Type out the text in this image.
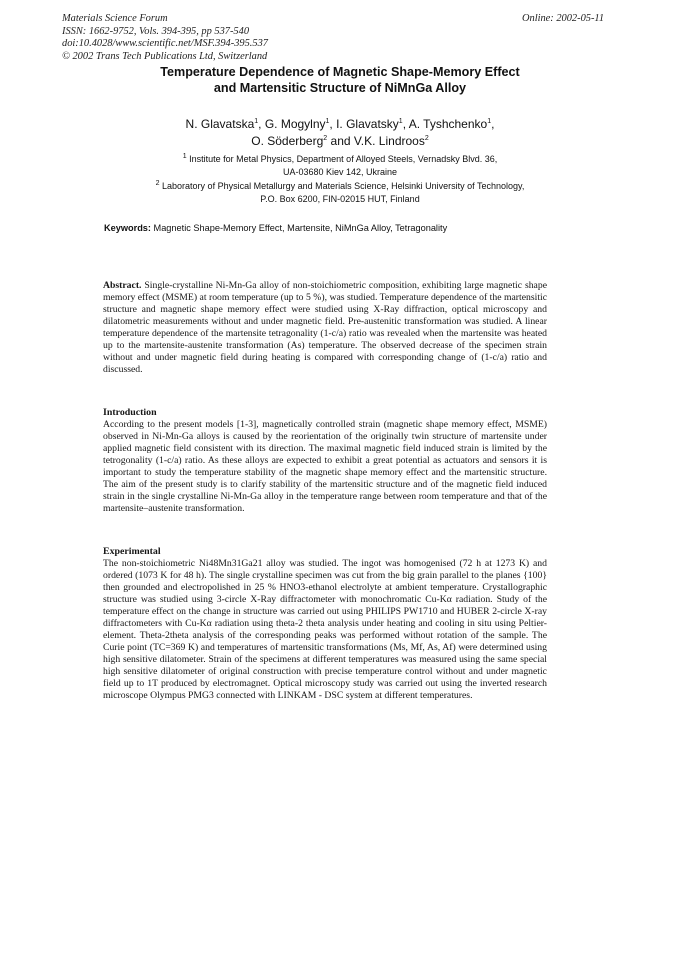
Materials Science Forum
ISSN: 1662-9752, Vols. 394-395, pp 537-540
doi:10.4028/www.scientific.net/MSF.394-395.537
© 2002 Trans Tech Publications Ltd, Switzerland
Online: 2002-05-11
Temperature Dependence of Magnetic Shape-Memory Effect
and Martensitic Structure of NiMnGa Alloy
N. Glavatska$^1$, G. Mogylny$^1$, I. Glavatsky$^1$, A. Tyshchenko$^1$,
O. Söderberg$^2$ and V.K. Lindroos$^2$
$^1$ Institute for Metal Physics, Department of Alloyed Steels, Vernadsky Blvd. 36,
UA-03680 Kiev 142, Ukraine
$^2$ Laboratory of Physical Metallurgy and Materials Science, Helsinki University of Technology,
P.O. Box 6200, FIN-02015 HUT, Finland
Keywords: Magnetic Shape-Memory Effect, Martensite, NiMnGa Alloy, Tetragonality

Abstract. Single-crystalline Ni-Mn-Ga alloy of non-stoichiometric composition, exhibiting large magnetic shape memory effect (MSME) at room temperature (up to 5 %), was studied. Temperature dependence of the martensitic structure and magnetic shape memory effect were studied using X-Ray diffraction, optical microscopy and dilatometric measurements without and under magnetic field. Pre-austenitic transformation was studied. A linear temperature dependence of the martensite tetragonality (1-c/a) ratio was revealed when the martensite was heated up to the martensite-austenite transformation (As) temperature. The observed decrease of the specimen strain without and under magnetic field during heating is compared with corresponding change of (1-c/a) ratio and discussed.

Introduction

According to the present models [1-3], magnetically controlled strain (magnetic shape memory effect, MSME) observed in Ni-Mn-Ga alloys is caused by the reorientation of the originally twin structure of martensite under applied magnetic field consistent with its direction. The maximal magnetic field induced strain is limited by the tetrogonality (1-c/a) ratio. As these alloys are expected to exhibit a great potential as actuators and sensors it is important to study the temperature stability of the magnetic shape memory effect and the martensitic structure. The aim of the present study is to clarify stability of the martensitic structure and of the magnetic field induced strain in the single crystalline Ni-Mn-Ga alloy in the temperature range between room temperature and that of the martensite–austenite transformation.

Experimental

The non-stoichiometric Ni48Mn31Ga21 alloy was studied. The ingot was homogenised (72 h at 1273 K) and ordered (1073 K for 48 h). The single crystalline specimen was cut from the big grain parallel to the planes {100} then grounded and electropolished in 25 % HNO3-ethanol electrolyte at ambient temperature. Crystallographic structure was studied using 3-circle X-Ray diffractometer with monochromatic Cu-Kα radiation. Study of the temperature effect on the change in structure was carried out using PHILIPS PW1710 and HUBER 2-circle X-ray diffractometers with Cu-Kα radiation using theta-2 theta analysis under heating and cooling in situ using Peltier-element. Theta-2theta analysis of the corresponding peaks was performed without rotation of the sample. The Curie point (TC=369 K) and temperatures of martensitic transformations (Ms, Mf, As, Af) were determined using high sensitive dilatometer. Strain of the specimens at different temperatures was measured using the same special high sensitive dilatometer of original construction with precise temperature control without and under magnetic field up to 1T produced by electromagnet. Optical microscopy study was carried out using the inverted research microscope Olympus PMG3 connected with LINKAM - DSC system at different temperatures.
